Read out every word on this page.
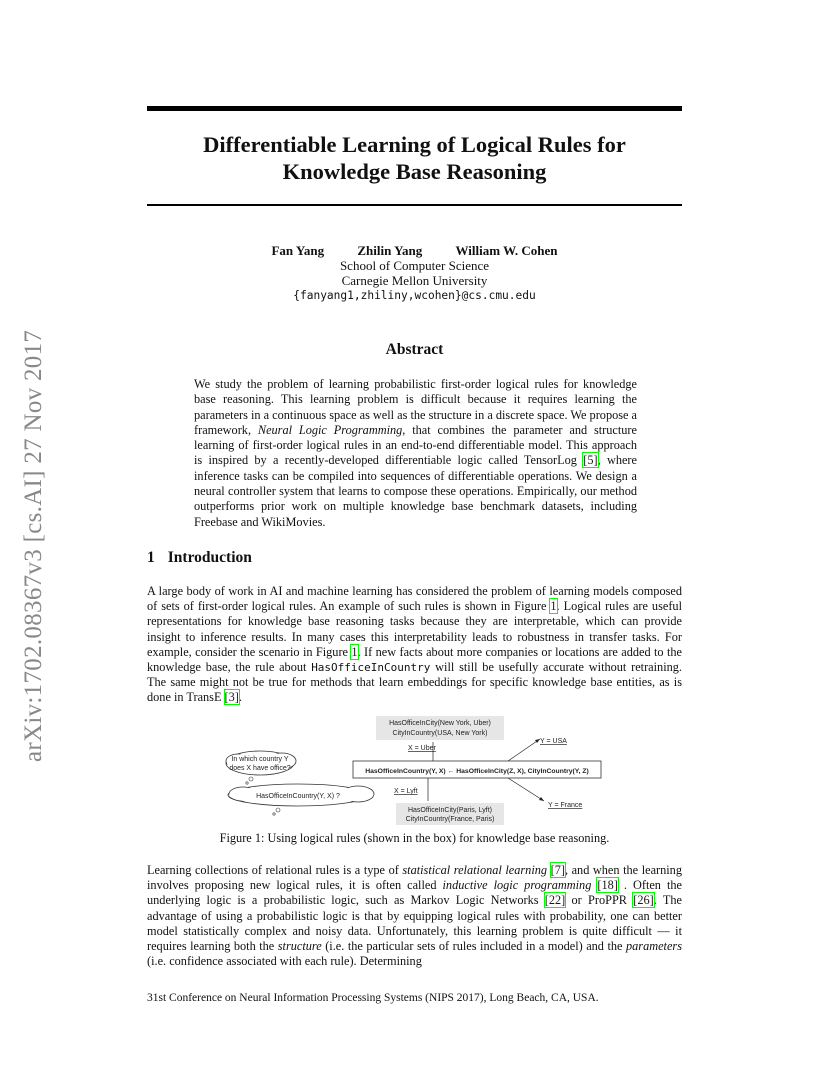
arXiv:1702.08367v3 [cs.AI] 27 Nov 2017
Differentiable Learning of Logical Rules for
Knowledge Base Reasoning
Fan Yang	Zhilin Yang	William W. Cohen
School of Computer Science
Carnegie Mellon University
{fanyang1,zhiliny,wcohen}@cs.cmu.edu
Abstract

We study the problem of learning probabilistic first-order logical rules for knowledge base reasoning. This learning problem is difficult because it requires learning the parameters in a continuous space as well as the structure in a discrete space. We propose a framework, Neural Logic Programming, that combines the parameter and structure learning of first-order logical rules in an end-to-end differentiable model. This approach is inspired by a recently-developed differentiable logic called TensorLog [5], where inference tasks can be compiled into sequences of differentiable operations. We design a neural controller system that learns to compose these operations. Empirically, our method outperforms prior work on multiple knowledge base benchmark datasets, including Freebase and WikiMovies.

1 Introduction

A large body of work in AI and machine learning has considered the problem of learning models composed of sets of first-order logical rules. An example of such rules is shown in Figure 1. Logical rules are useful representations for knowledge base reasoning tasks because they are interpretable, which can provide insight to inference results. In many cases this interpretability leads to robustness in transfer tasks. For example, consider the scenario in Figure 1. If new facts about more companies or locations are added to the knowledge base, the rule about HasOfficeInCountry will still be usefully accurate without retraining. The same might not be true for methods that learn embeddings for specific knowledge base entities, as is done in TransE [3].

HasOfficeInCity(New York, Uber)
CityInCountry(USA, New York)
HasOfficeInCity(Paris, Lyft)
CityInCountry(France, Paris)
HasOfficeInCountry(Y, X) ← HasOfficeInCity(Z, X), CityInCountry(Y, Z)
X = Uber
X = Lyft
Y = USA
Y = France
In which country Y
does X have office?
HasOfficeInCountry(Y, X) ?

Figure 1: Using logical rules (shown in the box) for knowledge base reasoning.

Learning collections of relational rules is a type of statistical relational learning [7], and when the learning involves proposing new logical rules, it is often called inductive logic programming [18] . Often the underlying logic is a probabilistic logic, such as Markov Logic Networks [22] or ProPPR [26]. The advantage of using a probabilistic logic is that by equipping logical rules with probability, one can better model statistically complex and noisy data. Unfortunately, this learning problem is quite difficult — it requires learning both the structure (i.e. the particular sets of rules included in a model) and the parameters (i.e. confidence associated with each rule). Determining

31st Conference on Neural Information Processing Systems (NIPS 2017), Long Beach, CA, USA.
